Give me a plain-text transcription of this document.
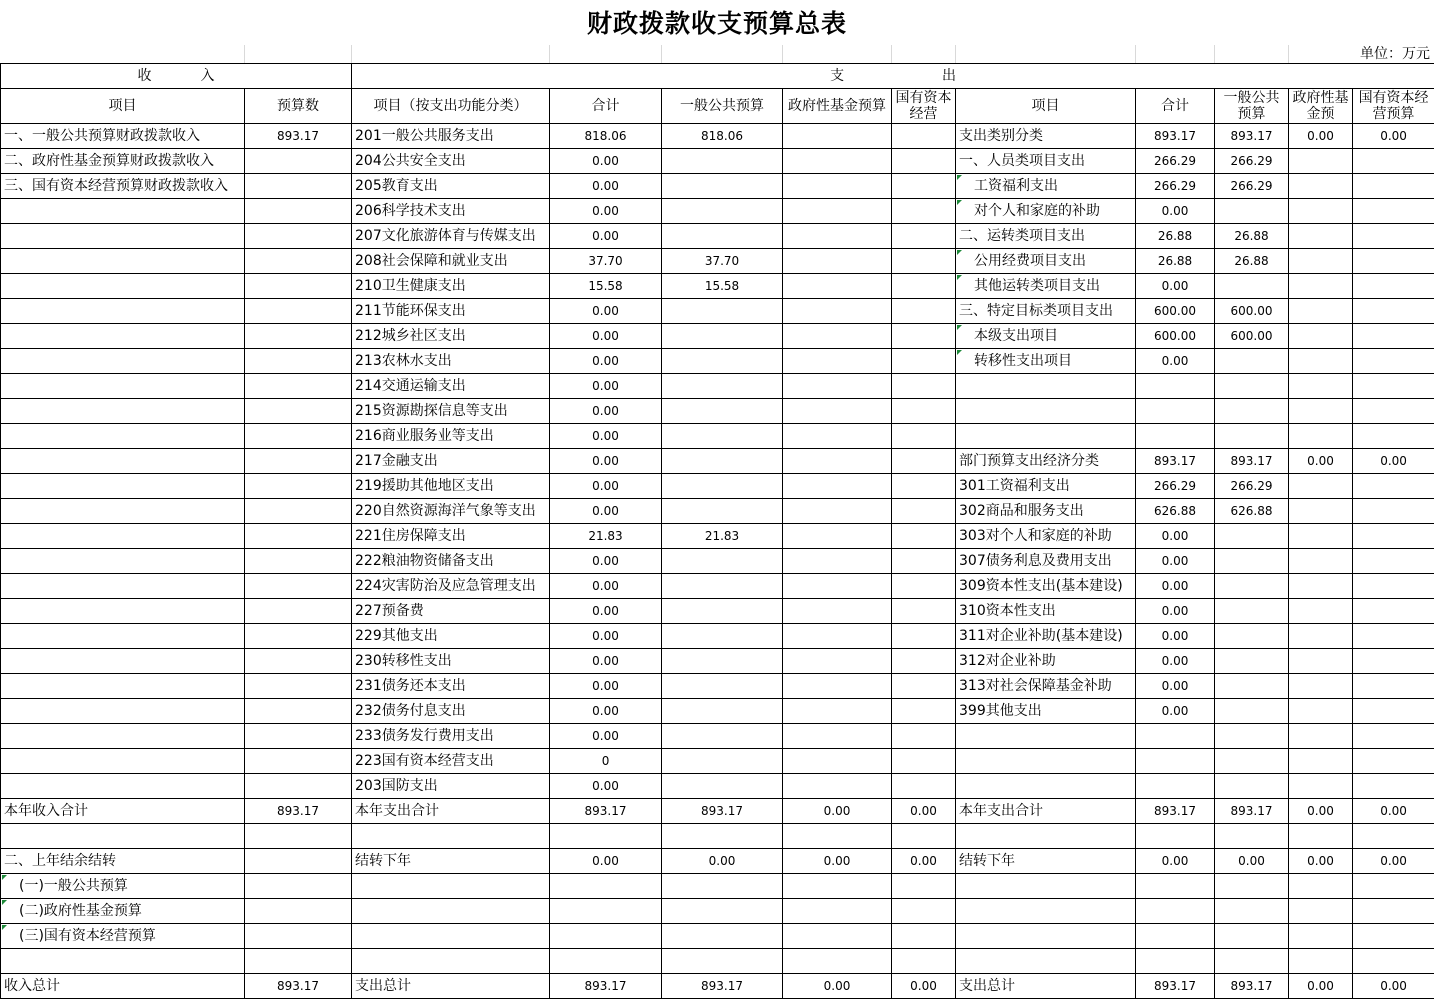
财政拨款收支预算总表
单位：万元
收           入		支                      出									
项目	预算数	项目（按支出功能分类）	合计	一般公共预算	政府性基金预算	国有资本经营	项目	合计	一般公共预算	政府性基金预	国有资本经营预算
一、一般公共预算财政拨款收入	893.17	201一般公共服务支出	818.06	818.06			支出类别分类	893.17	893.17	0.00	0.00
二、政府性基金预算财政拨款收入		204公共安全支出	0.00				一、人员类项目支出	266.29	266.29		
三、国有资本经营预算财政拨款收入		205教育支出	0.00				工资福利支出	266.29	266.29		
		206科学技术支出	0.00				对个人和家庭的补助	0.00			
		207文化旅游体育与传媒支出	0.00				二、运转类项目支出	26.88	26.88		
		208社会保障和就业支出	37.70	37.70			公用经费项目支出	26.88	26.88		
		210卫生健康支出	15.58	15.58			其他运转类项目支出	0.00			
		211节能环保支出	0.00				三、特定目标类项目支出	600.00	600.00		
		212城乡社区支出	0.00				本级支出项目	600.00	600.00		
		213农林水支出	0.00				转移性支出项目	0.00			
		214交通运输支出	0.00								
		215资源勘探信息等支出	0.00								
		216商业服务业等支出	0.00								
		217金融支出	0.00				部门预算支出经济分类	893.17	893.17	0.00	0.00
		219援助其他地区支出	0.00				301工资福利支出	266.29	266.29		
		220自然资源海洋气象等支出	0.00				302商品和服务支出	626.88	626.88		
		221住房保障支出	21.83	21.83			303对个人和家庭的补助	0.00			
		222粮油物资储备支出	0.00				307债务利息及费用支出	0.00			
		224灾害防治及应急管理支出	0.00				309资本性支出(基本建设)	0.00			
		227预备费	0.00				310资本性支出	0.00			
		229其他支出	0.00				311对企业补助(基本建设)	0.00			
		230转移性支出	0.00				312对企业补助	0.00			
		231债务还本支出	0.00				313对社会保障基金补助	0.00			
		232债务付息支出	0.00				399其他支出	0.00			
		233债务发行费用支出	0.00								
		223国有资本经营支出	0								
		203国防支出	0.00								
本年收入合计	893.17	本年支出合计	893.17	893.17	0.00	0.00	本年支出合计	893.17	893.17	0.00	0.00

二、上年结余结转		结转下年	0.00	0.00	0.00	0.00	结转下年	0.00	0.00	0.00	0.00
(一)一般公共预算											
(二)政府性基金预算											
(三)国有资本经营预算											

收入总计	893.17	支出总计	893.17	893.17	0.00	0.00	支出总计	893.17	893.17	0.00	0.00
